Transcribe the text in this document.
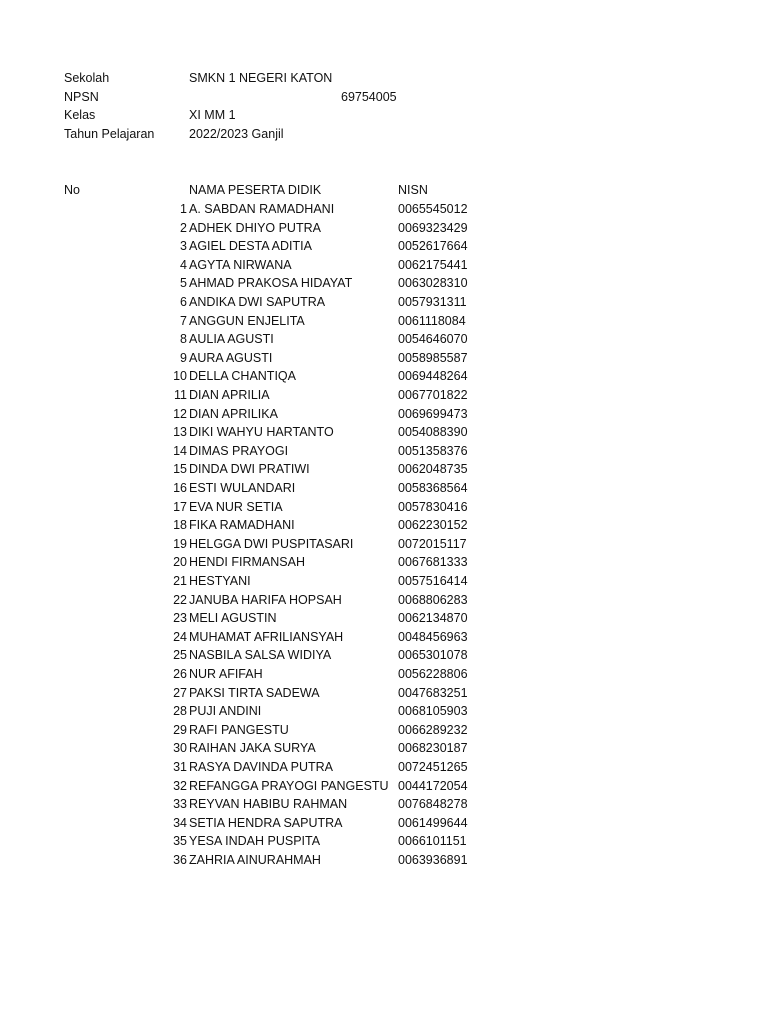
Sekolah	SMKN 1 NEGERI KATON
NPSN	69754005
Kelas	XI MM 1
Tahun Pelajaran	2022/2023 Ganjil
No	NAMA PESERTA DIDIK	NISN
1 A. SABDAN RAMADHANI	0065545012
2 ADHEK DHIYO PUTRA	0069323429
3 AGIEL DESTA ADITIA	0052617664
4 AGYTA NIRWANA	0062175441
5 AHMAD PRAKOSA HIDAYAT	0063028310
6 ANDIKA DWI SAPUTRA	0057931311
7 ANGGUN ENJELITA	0061118084
8 AULIA AGUSTI	0054646070
9 AURA AGUSTI	0058985587
10 DELLA CHANTIQA	0069448264
11 DIAN APRILIA	0067701822
12 DIAN APRILIKA	0069699473
13 DIKI WAHYU HARTANTO	0054088390
14 DIMAS PRAYOGI	0051358376
15 DINDA DWI PRATIWI	0062048735
16 ESTI WULANDARI	0058368564
17 EVA NUR SETIA	0057830416
18 FIKA RAMADHANI	0062230152
19 HELGGA DWI PUSPITASARI	0072015117
20 HENDI FIRMANSAH	0067681333
21 HESTYANI	0057516414
22 JANUBA HARIFA HOPSAH	0068806283
23 MELI AGUSTIN	0062134870
24 MUHAMAT AFRILIANSYAH	0048456963
25 NASBILA SALSA WIDIYA	0065301078
26 NUR AFIFAH	0056228806
27 PAKSI TIRTA SADEWA	0047683251
28 PUJI ANDINI	0068105903
29 RAFI PANGESTU	0066289232
30 RAIHAN JAKA SURYA	0068230187
31 RASYA DAVINDA PUTRA	0072451265
32 REFANGGA PRAYOGI PANGESTU 0044172054
33 REYVAN HABIBU RAHMAN	0076848278
34 SETIA HENDRA SAPUTRA	0061499644
35 YESA INDAH PUSPITA	0066101151
36 ZAHRIA AINURAHMAH	0063936891
